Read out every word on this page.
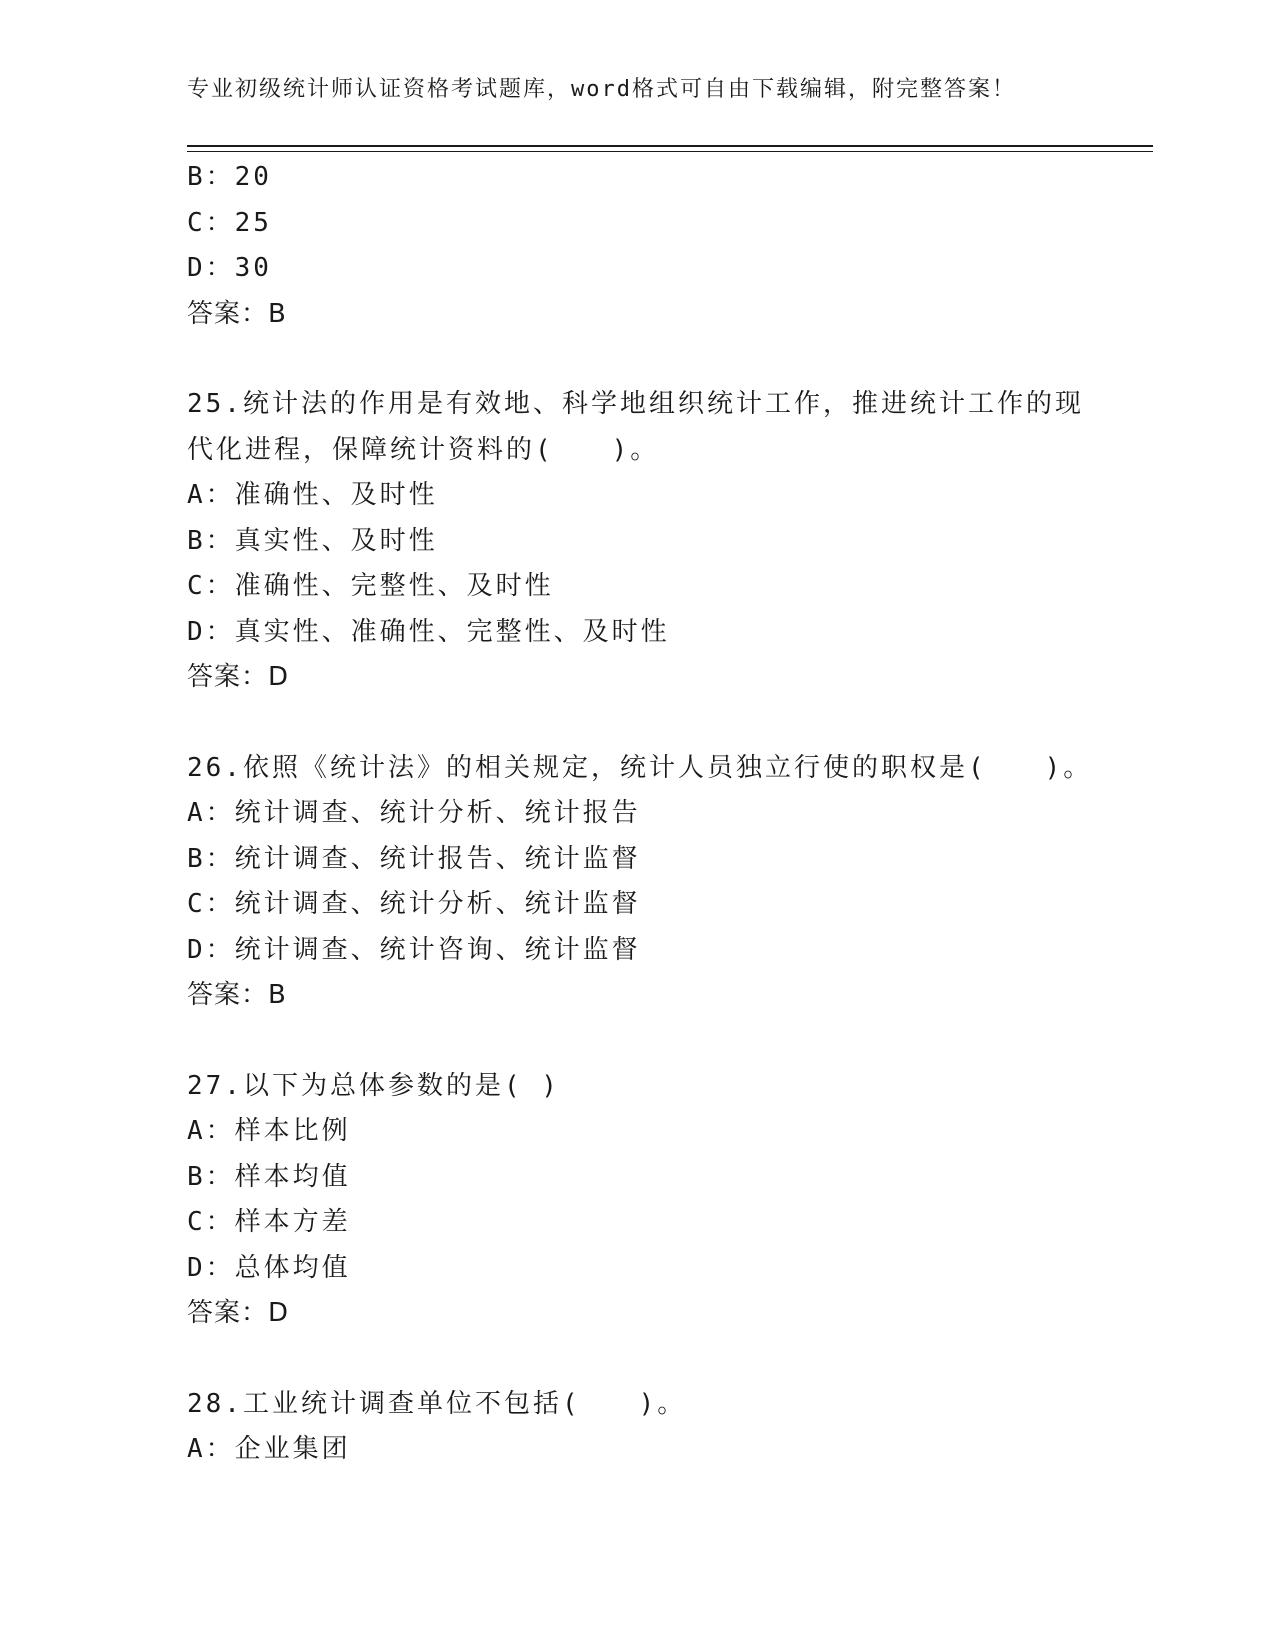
专业初级统计师认证资格考试题库，word格式可自由下载编辑，附完整答案！
B：20
C：25
D：30
答案：B
25.统计法的作用是有效地、科学地组织统计工作，推进统计工作的现
代化进程，保障统计资料的(　　)。
A：准确性、及时性
B：真实性、及时性
C：准确性、完整性、及时性
D：真实性、准确性、完整性、及时性
答案：D
26.依照《统计法》的相关规定，统计人员独立行使的职权是(　　)。
A：统计调查、统计分析、统计报告
B：统计调查、统计报告、统计监督
C：统计调查、统计分析、统计监督
D：统计调查、统计咨询、统计监督
答案：B
27.以下为总体参数的是( )
A：样本比例
B：样本均值
C：样本方差
D：总体均值
答案：D
28.工业统计调查单位不包括(　　)。
A：企业集团
